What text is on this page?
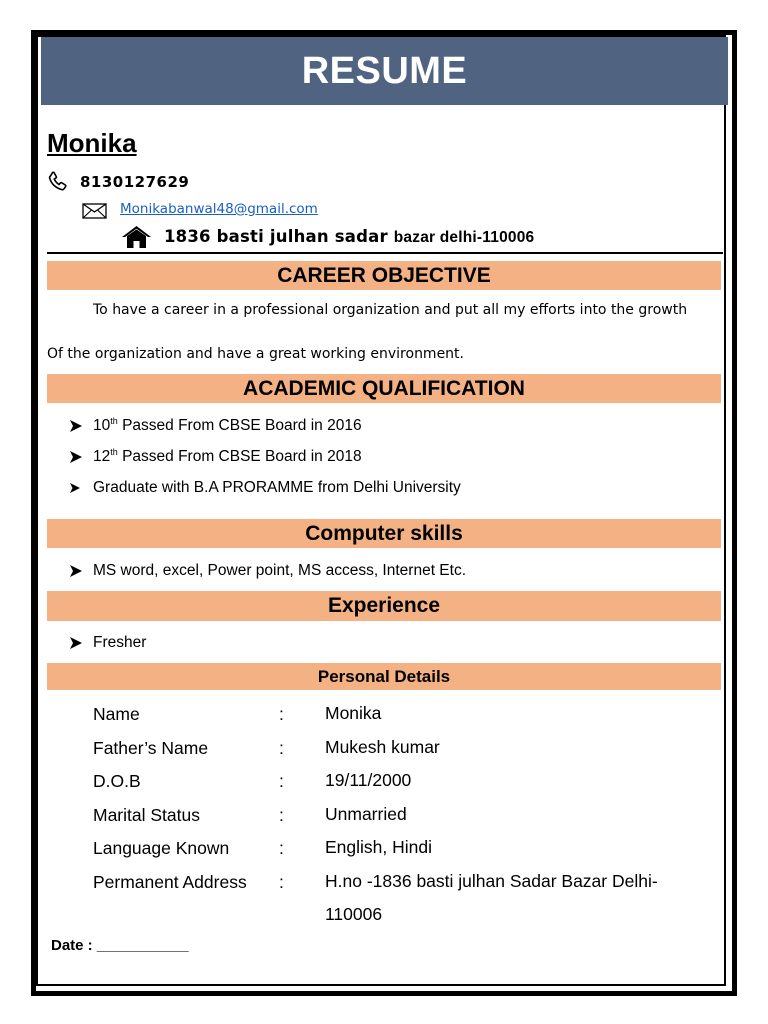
RESUME
Monika
8130127629
Monikabanwal48@gmail.com
1836 basti julhan sadar bazar delhi-110006
CAREER OBJECTIVE
To have a career in a professional organization and put all my efforts into the growth
Of the organization and have a great working environment.
ACADEMIC QUALIFICATION
10th Passed From CBSE Board in 2016
12th Passed From CBSE Board in 2018
Graduate with B.A PRORAMME from Delhi University
Computer skills
MS word, excel, Power point, MS access, Internet Etc.
Experience
Fresher
Personal Details
Name	: Monika
Father’s Name	: Mukesh kumar
D.O.B	: 19/11/2000
Marital Status	: Unmarried
Language Known	: English, Hindi
Permanent Address : H.no -1836 basti julhan Sadar Bazar Delhi-110006
Date : ___________
